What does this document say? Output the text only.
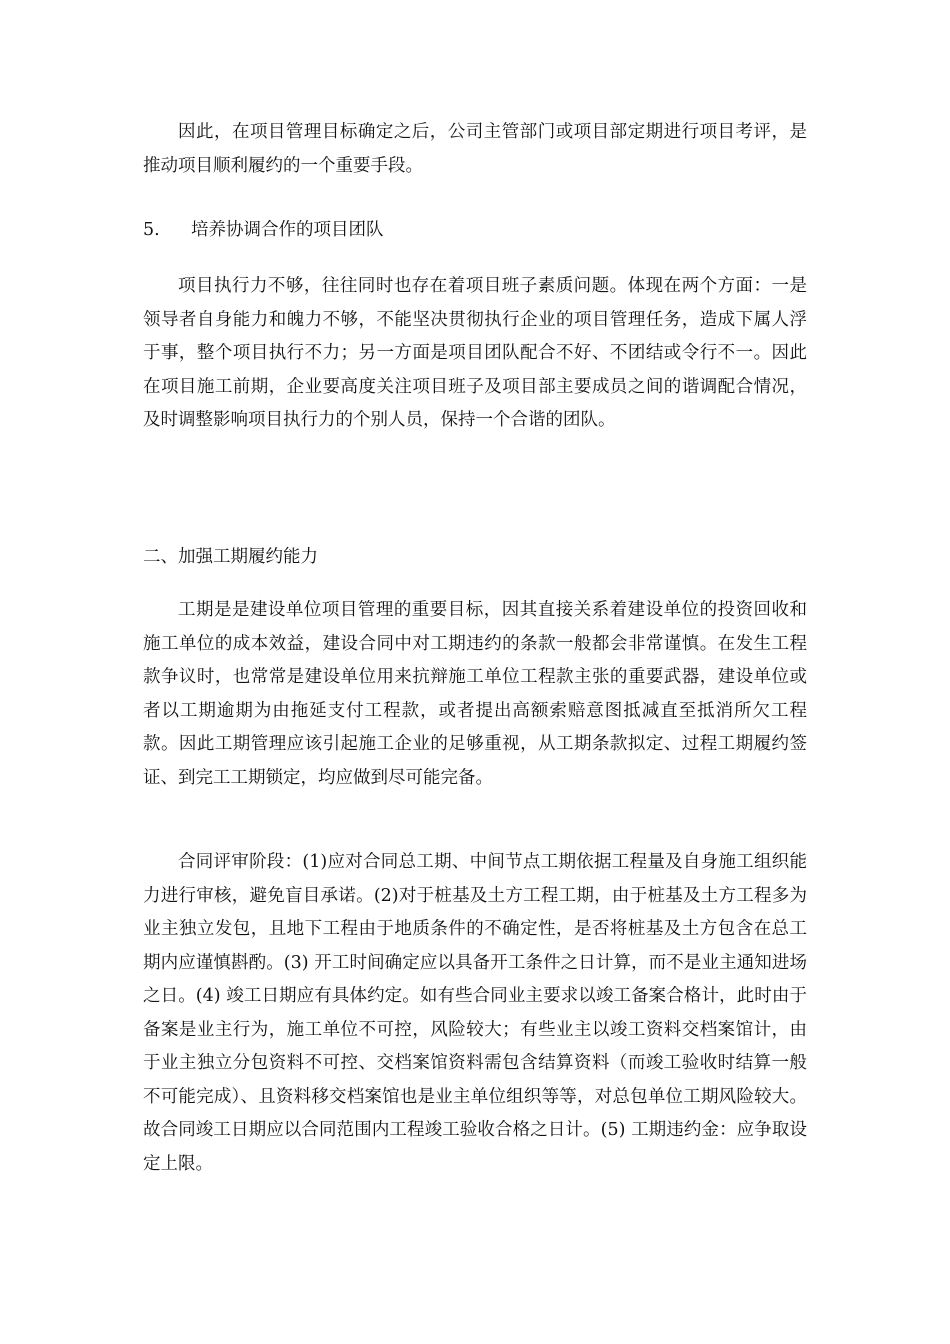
因此，在项目管理目标确定之后，公司主管部门或项目部定期进行项目考评，是推动项目顺利履约的一个重要手段。

5. 培养协调合作的项目团队

项目执行力不够，往往同时也存在着项目班子素质问题。体现在两个方面：一是领导者自身能力和魄力不够，不能坚决贯彻执行企业的项目管理任务，造成下属人浮于事，整个项目执行不力；另一方面是项目团队配合不好、不团结或令行不一。因此在项目施工前期，企业要高度关注项目班子及项目部主要成员之间的谐调配合情况，及时调整影响项目执行力的个别人员，保持一个合谐的团队。

二、加强工期履约能力

工期是是建设单位项目管理的重要目标，因其直接关系着建设单位的投资回收和施工单位的成本效益，建设合同中对工期违约的条款一般都会非常谨慎。在发生工程款争议时，也常常是建设单位用来抗辩施工单位工程款主张的重要武器，建设单位或者以工期逾期为由拖延支付工程款，或者提出高额索赔意图抵减直至抵消所欠工程款。因此工期管理应该引起施工企业的足够重视，从工期条款拟定、过程工期履约签证、到完工工期锁定，均应做到尽可能完备。

合同评审阶段：(1)应对合同总工期、中间节点工期依据工程量及自身施工组织能力进行审核，避免盲目承诺。(2)对于桩基及土方工程工期，由于桩基及土方工程多为业主独立发包，且地下工程由于地质条件的不确定性，是否将桩基及土方包含在总工期内应谨慎斟酌。(3) 开工时间确定应以具备开工条件之日计算，而不是业主通知进场之日。(4) 竣工日期应有具体约定。如有些合同业主要求以竣工备案合格计，此时由于备案是业主行为，施工单位不可控，风险较大；有些业主以竣工资料交档案馆计，由于业主独立分包资料不可控、交档案馆资料需包含结算资料（而竣工验收时结算一般不可能完成）、且资料移交档案馆也是业主单位组织等等，对总包单位工期风险较大。故合同竣工日期应以合同范围内工程竣工验收合格之日计。(5) 工期违约金：应争取设定上限。
